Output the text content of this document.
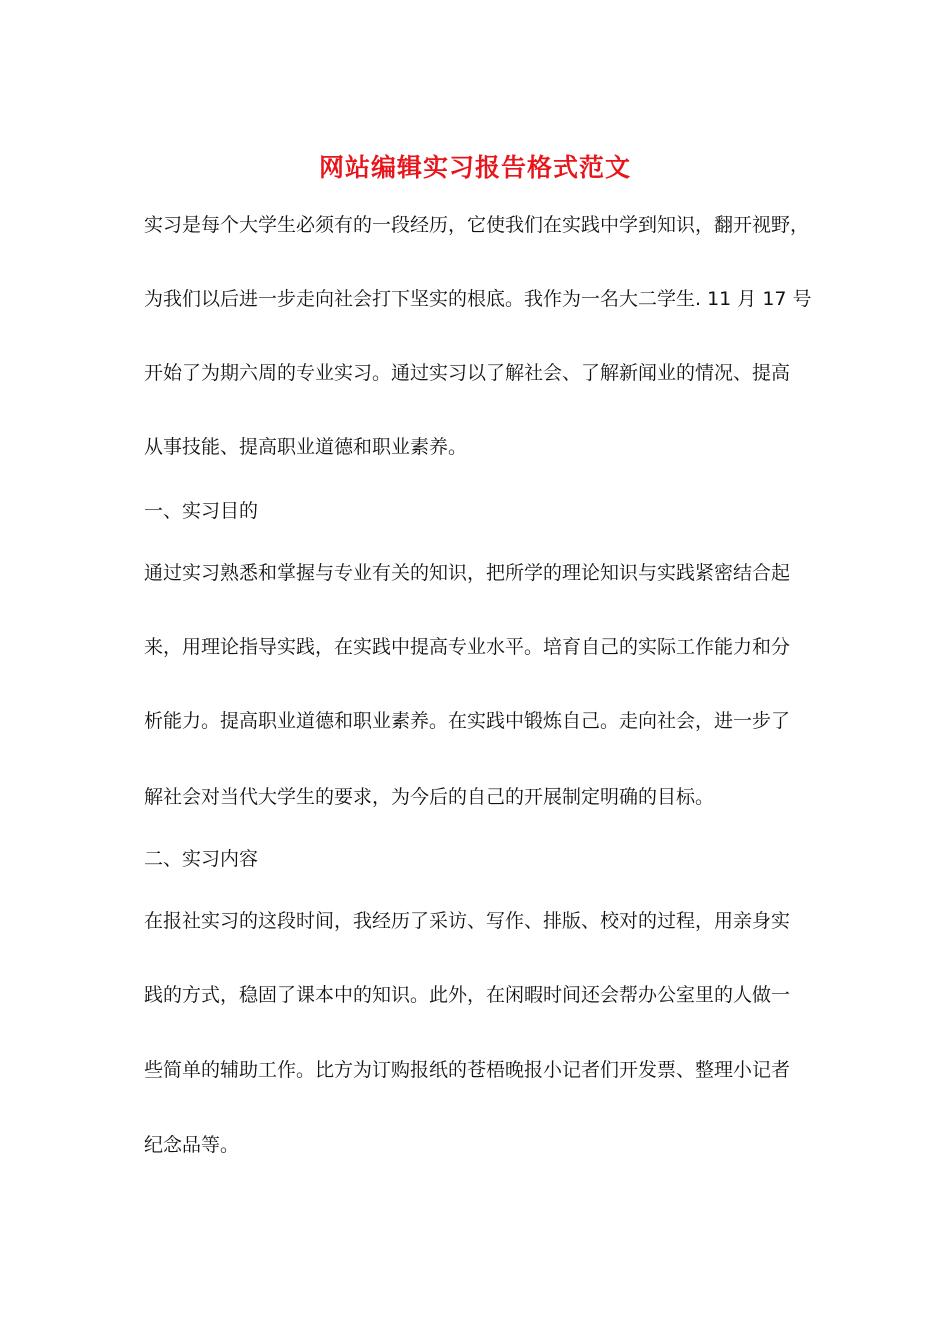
网站编辑实习报告格式范文
实习是每个大学生必须有的一段经历，它使我们在实践中学到知识，翻开视野，
为我们以后进一步走向社会打下坚实的根底。我作为一名大二学生. 11 月 17 号
开始了为期六周的专业实习。通过实习以了解社会、了解新闻业的情况、提高
从事技能、提高职业道德和职业素养。
一、实习目的
通过实习熟悉和掌握与专业有关的知识，把所学的理论知识与实践紧密结合起
来，用理论指导实践，在实践中提高专业水平。培育自己的实际工作能力和分
析能力。提高职业道德和职业素养。在实践中锻炼自己。走向社会，进一步了
解社会对当代大学生的要求，为今后的自己的开展制定明确的目标。
二、实习内容
在报社实习的这段时间，我经历了采访、写作、排版、校对的过程，用亲身实
践的方式，稳固了课本中的知识。此外，在闲暇时间还会帮办公室里的人做一
些简单的辅助工作。比方为订购报纸的苍梧晚报小记者们开发票、整理小记者
纪念品等。
